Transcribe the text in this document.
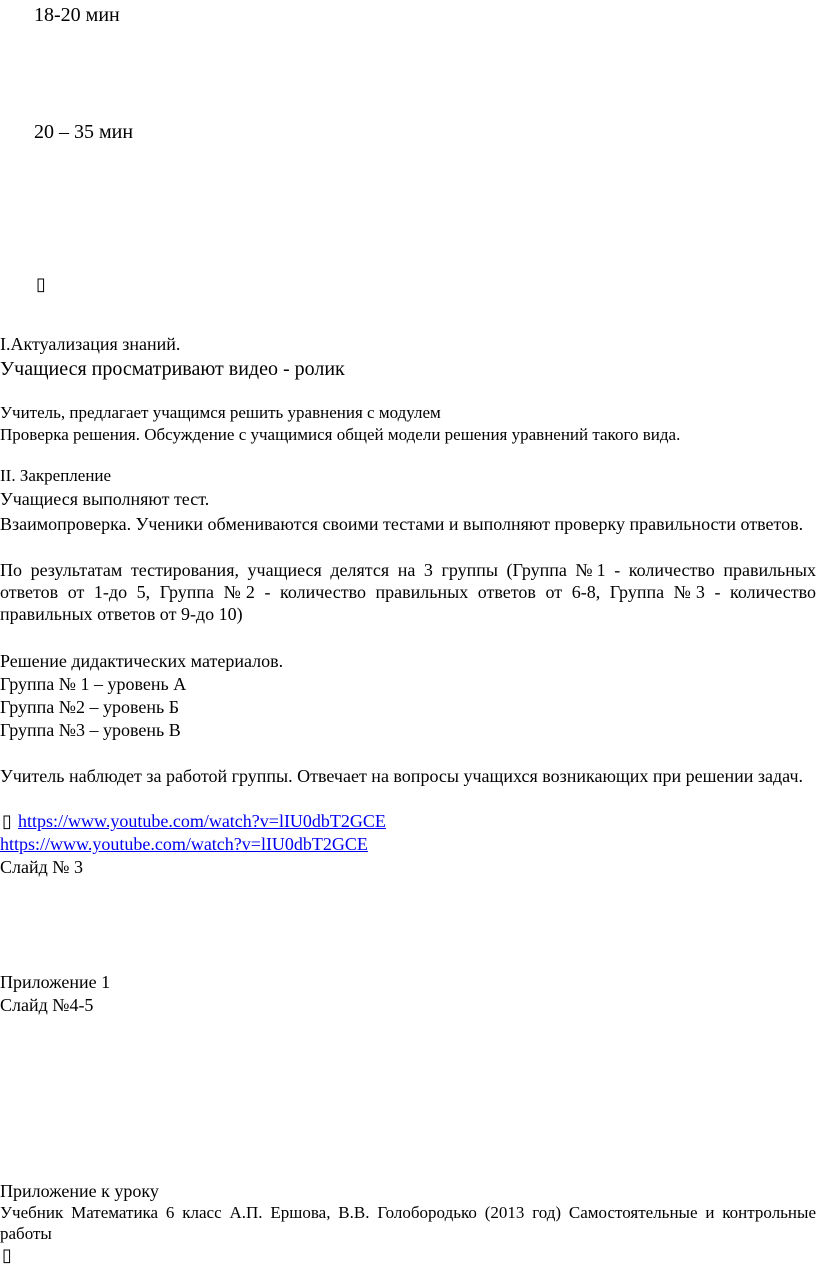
18-20 мин
20 – 35 мин
▯
I.Актуализация знаний.
Учащиеся просматривают видео - ролик
Учитель, предлагает учащимся решить уравнения с модулем
Проверка решения. Обсуждение с учащимися общей модели решения уравнений такого вида.
II. Закрепление
Учащиеся выполняют тест.
Взаимопроверка. Ученики обмениваются своими тестами и выполняют проверку правильности ответов.
По результатам тестирования, учащиеся делятся на 3 группы (Группа №1 - количество правильных ответов от 1-до 5, Группа №2 - количество правильных ответов от 6-8, Группа №3 - количество правильных ответов от 9-до 10)
Решение дидактических материалов.
Группа № 1 – уровень А
Группа №2 – уровень Б
Группа №3 – уровень В
Учитель наблюдет за работой группы. Отвечает на вопросы учащихся возникающих при решении задач.
▯ https://www.youtube.com/watch?v=lIU0dbT2GCE
https://www.youtube.com/watch?v=lIU0dbT2GCE
Слайд № 3
Приложение 1
Слайд №4-5
Приложение к уроку
Учебник Математика 6 класс А.П. Ершова, В.В. Голобородько (2013 год) Самостоятельные и контрольные работы
▯
